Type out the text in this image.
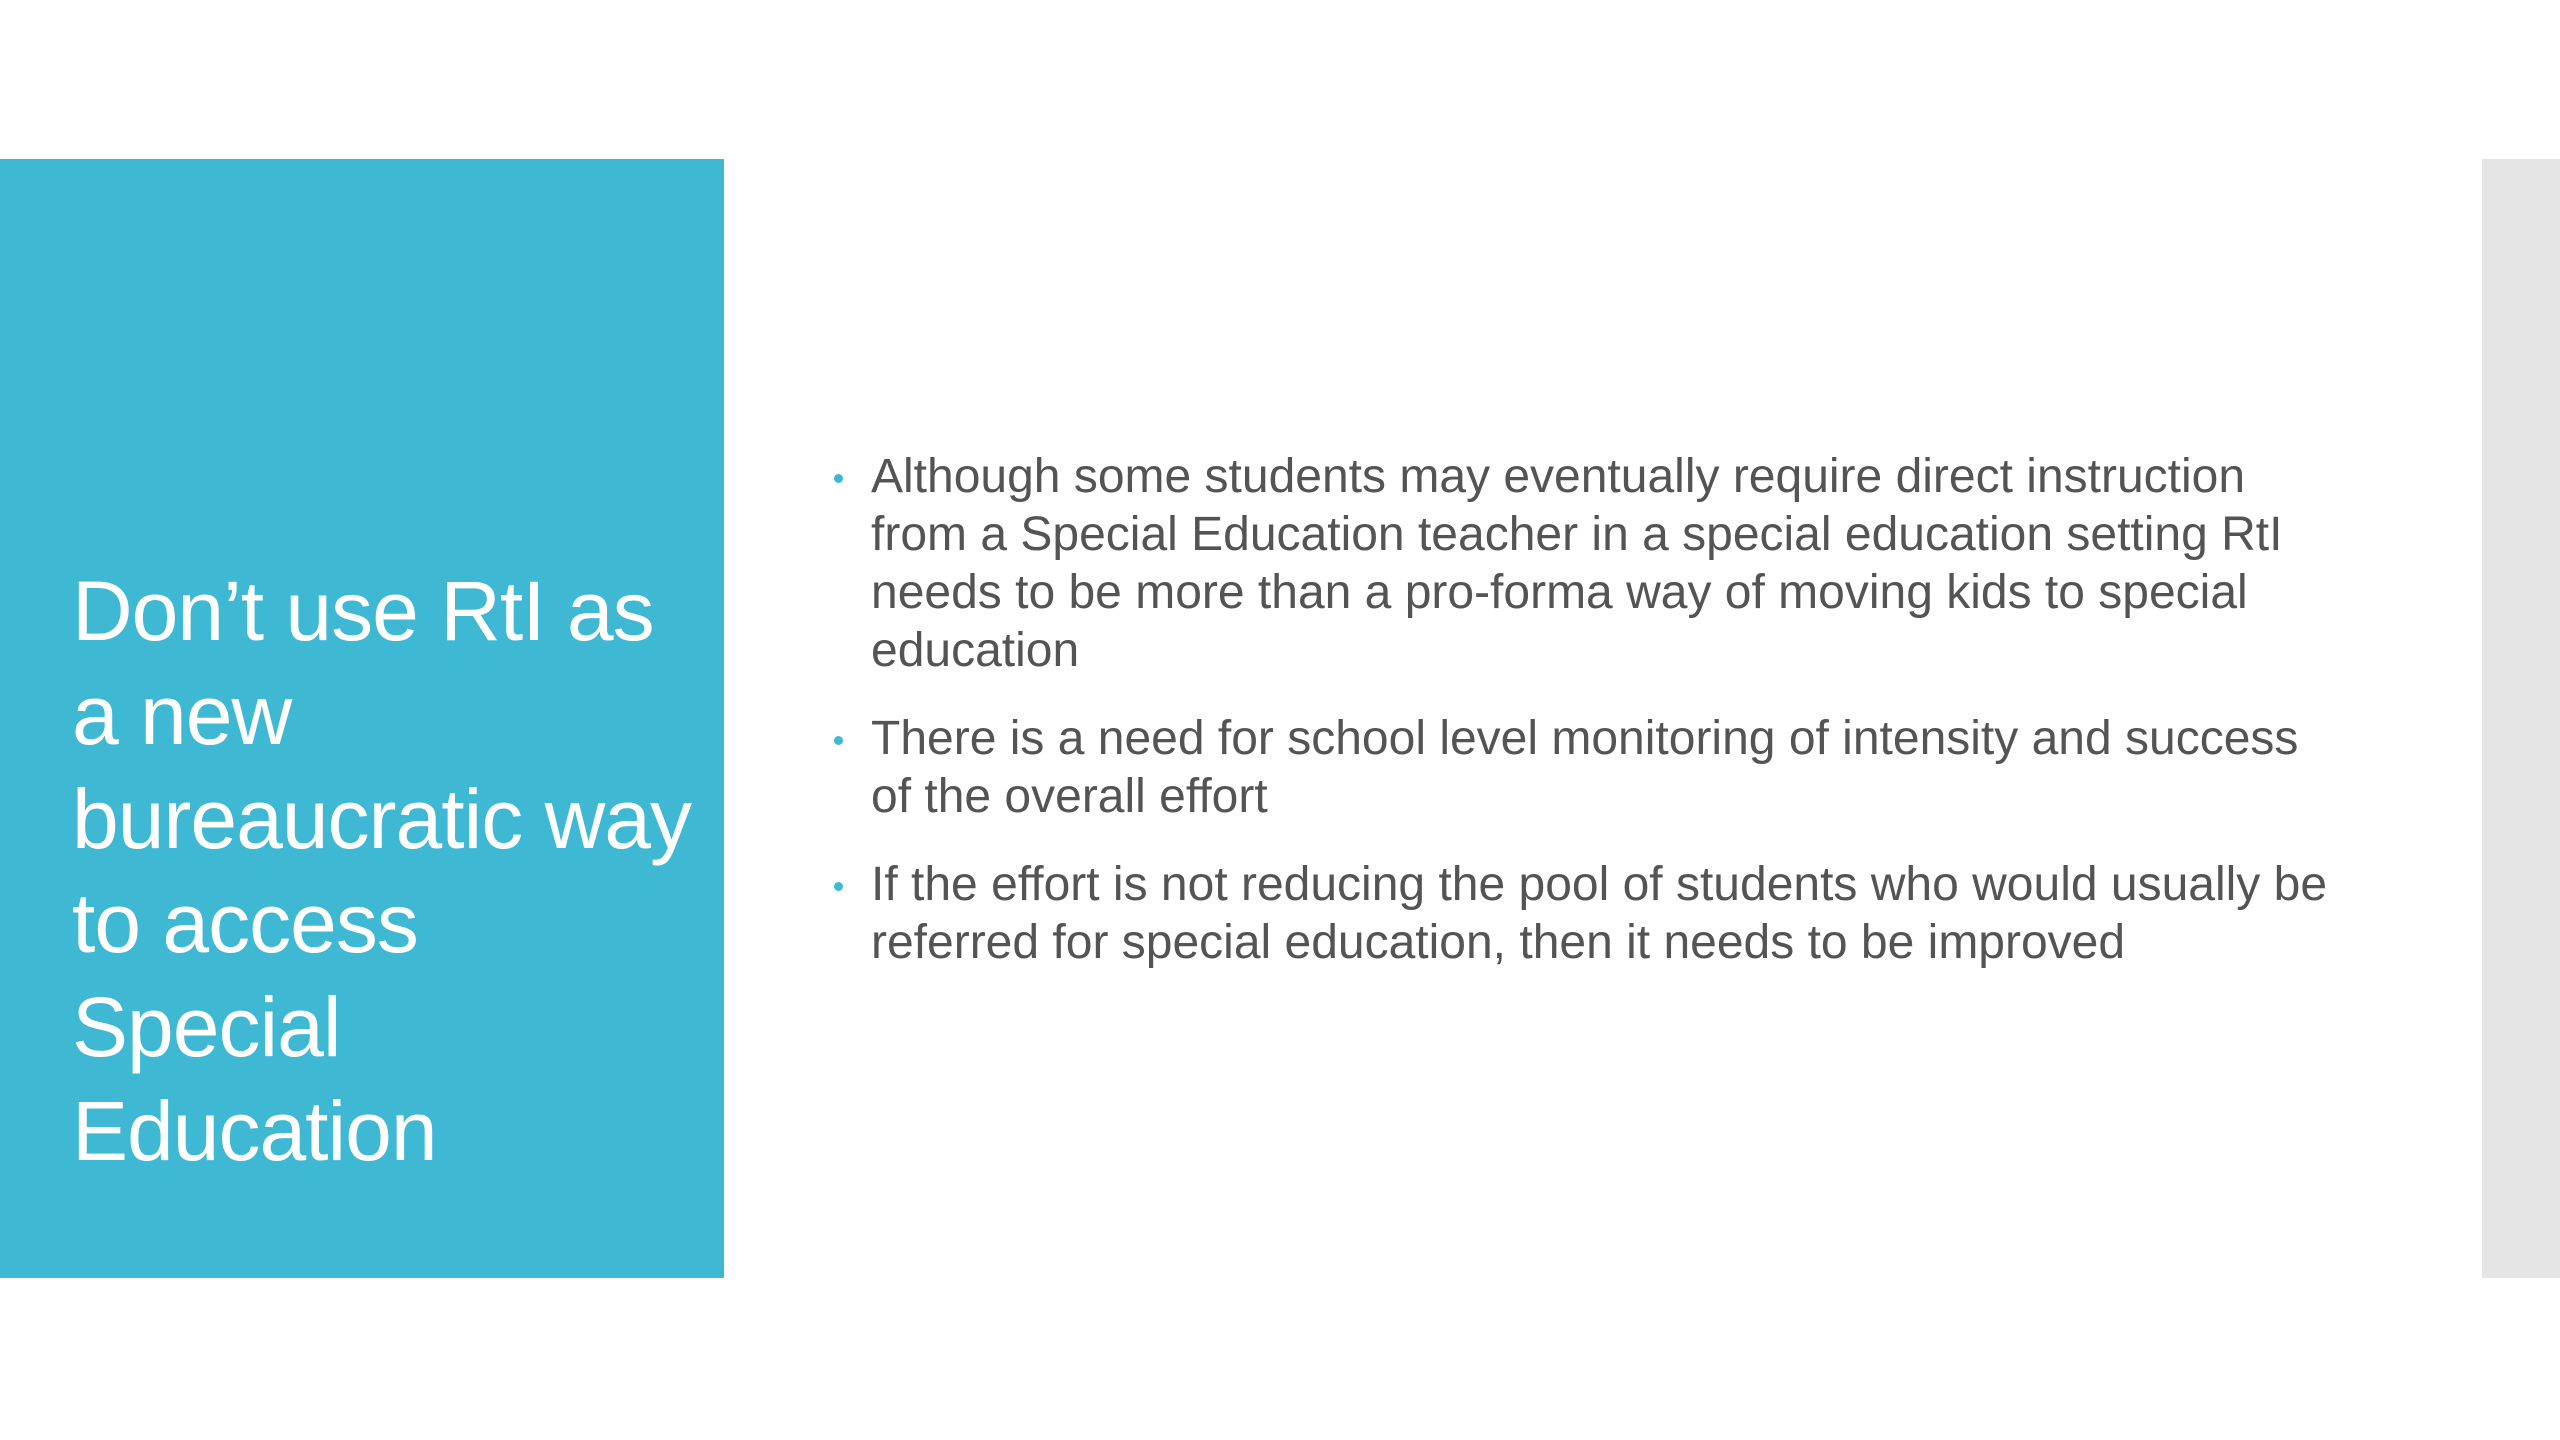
Don’t use RtI as a new bureaucratic way to access Special Education
Although some students may eventually require direct instruction from a Special Education teacher in a special education setting RtI needs to be more than a pro-forma way of moving kids to special education
There is a need for school level monitoring of intensity and success of the overall effort
If the effort is not reducing the pool of students who would usually be referred for special education, then it needs to be improved
